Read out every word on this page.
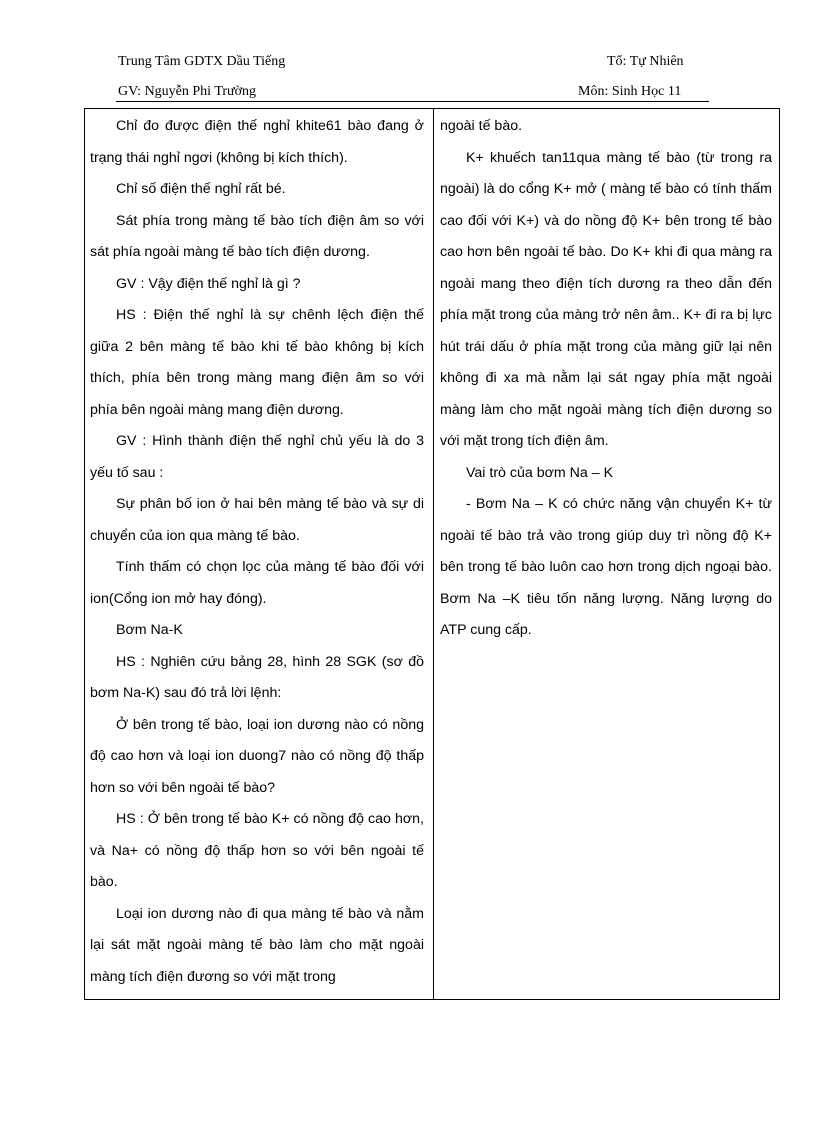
Trung Tâm GDTX Dầu Tiếng	Tổ: Tự Nhiên
GV: Nguyễn Phi Trường	Môn: Sinh Học 11

Chỉ đo được điện thế nghỉ khite61 bào đang ở trạng thái nghỉ ngơi (không bị kích thích).

Chỉ số điện thế nghỉ rất bé.

Sát phía trong màng tế bào tích điện âm so với sát phía ngoài màng tế bào tích điện dương.

GV : Vậy điện thế nghỉ là gì ?

HS : Điện thế nghỉ là sự chênh lệch điện thế giữa 2 bên màng tế bào khi tế bào không bị kích thích, phía bên trong màng mang điện âm so với phía bên ngoài màng mang điện dương.

GV : Hình thành điện thế nghỉ chủ yếu là do 3 yếu tố sau :

Sự phân bố ion ở hai bên màng tế bào và sự di chuyển của ion qua màng tế bào.

Tính thấm có chọn lọc của màng tế bào đối với ion(Cổng ion mở hay đóng).

Bơm Na-K

HS : Nghiên cứu bảng 28, hình 28 SGK (sơ đồ bơm Na-K) sau đó trả lời lệnh:

Ở bên trong tế bào, loại ion dương nào có nồng độ cao hơn và loại ion duong7 nào có nồng độ thấp hơn so với bên ngoài tế bào?

HS : Ở bên trong tế bào K+ có nồng độ cao hơn, và Na+ có nồng độ thấp hơn so với bên ngoài tế bào.

Loại ion dương nào đi qua màng tế bào và nằm lại sát mặt ngoài màng tế bào làm cho mặt ngoài màng tích điện đương so với mặt trong

ngoài tế bào.

K+ khuếch tan11qua màng tế bào (từ trong ra ngoài) là do cổng K+ mở ( màng tế bào có tính thấm cao đối với K+) và do nồng độ K+ bên trong tế bào cao hơn bên ngoài tế bào. Do K+ khi đi qua màng ra ngoài mang theo điện tích dương ra theo dẫn đến phía mặt trong của màng trở nên âm.. K+ đi ra bị lực hút trái dấu ở phía mặt trong của màng giữ lại nên không đi xa mà nằm lại sát ngay phía mặt ngoài màng làm cho mặt ngoài màng tích điện dương so với mặt trong tích điện âm.

Vai trò của bơm Na – K

- Bơm Na – K có chức năng vận chuyển K+ từ ngoài tế bào trả vào trong giúp duy trì nồng độ K+ bên trong tế bào luôn cao hơn trong dịch ngoại bào. Bơm Na –K tiêu tốn năng lượng. Năng lượng do ATP cung cấp.
